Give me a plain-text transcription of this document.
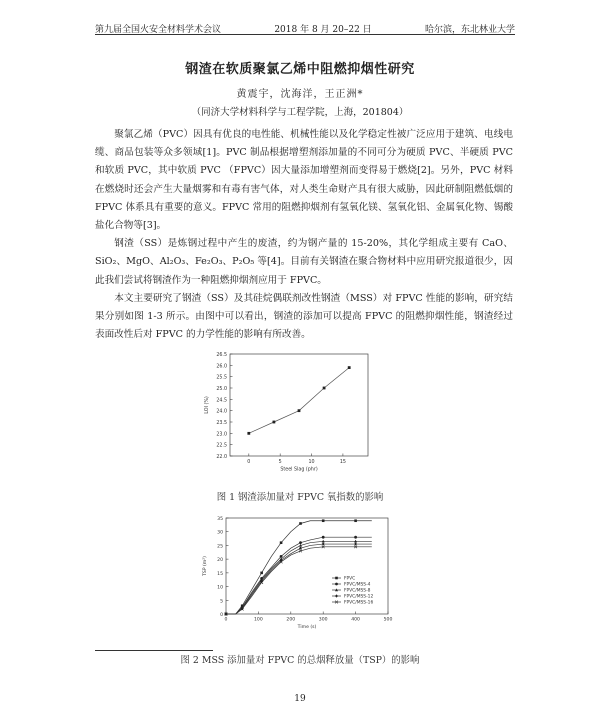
第九届全国火安全材料学术会议	2018 年 8 月 20–22 日	哈尔滨，东北林业大学
钢渣在软质聚氯乙烯中阻燃抑烟性研究
黄震宇，沈海洋，王正洲*
（同济大学材料科学与工程学院，上海，201804）

聚氯乙烯（PVC）因具有优良的电性能、机械性能以及化学稳定性被广泛应用于建筑、电线电缆、商品包装等众多领域[1]。PVC 制品根据增塑剂添加量的不同可分为硬质 PVC、半硬质 PVC 和软质 PVC，其中软质 PVC （FPVC）因大量添加增塑剂而变得易于燃烧[2]。另外，PVC 材料在燃烧时还会产生大量烟雾和有毒有害气体，对人类生命财产具有很大威胁，因此研制阻燃低烟的 FPVC 体系具有重要的意义。FPVC 常用的阻燃抑烟剂有氢氧化镁、氢氧化铝、金属氧化物、锡酸盐化合物等[3]。

钢渣（SS）是炼钢过程中产生的废渣，约为钢产量的 15-20%，其化学组成主要有 CaO、SiO₂、MgO、Al₂O₃、Fe₂O₃、P₂O₅ 等[4]。目前有关钢渣在聚合物材料中应用研究报道很少，因此我们尝试将钢渣作为一种阻燃抑烟剂应用于 FPVC。

本文主要研究了钢渣（SS）及其硅烷偶联剂改性钢渣（MSS）对 FPVC 性能的影响，研究结果分别如图 1-3 所示。由图中可以看出，钢渣的添加可以提高 FPVC 的阻燃抑烟性能，钢渣经过表面改性后对 FPVC 的力学性能的影响有所改善。

22.0
22.5
23.0
23.5
24.0
24.5
25.0
25.5
26.0
26.5
0	5	10	15
Steel Slag (phr)
LOI (%)
图 1 钢渣添加量对 FPVC 氧指数的影响
0
5
10
15
20
25
30
35
0	100	200	300	400	500
Time (s)
TSP (m²)
FPVC
FPVC/MSS-4
FPVC/MSS-8
FPVC/MSS-12
FPVC/MSS-16
图 2 MSS 添加量对 FPVC 的总烟释放量（TSP）的影响
19
